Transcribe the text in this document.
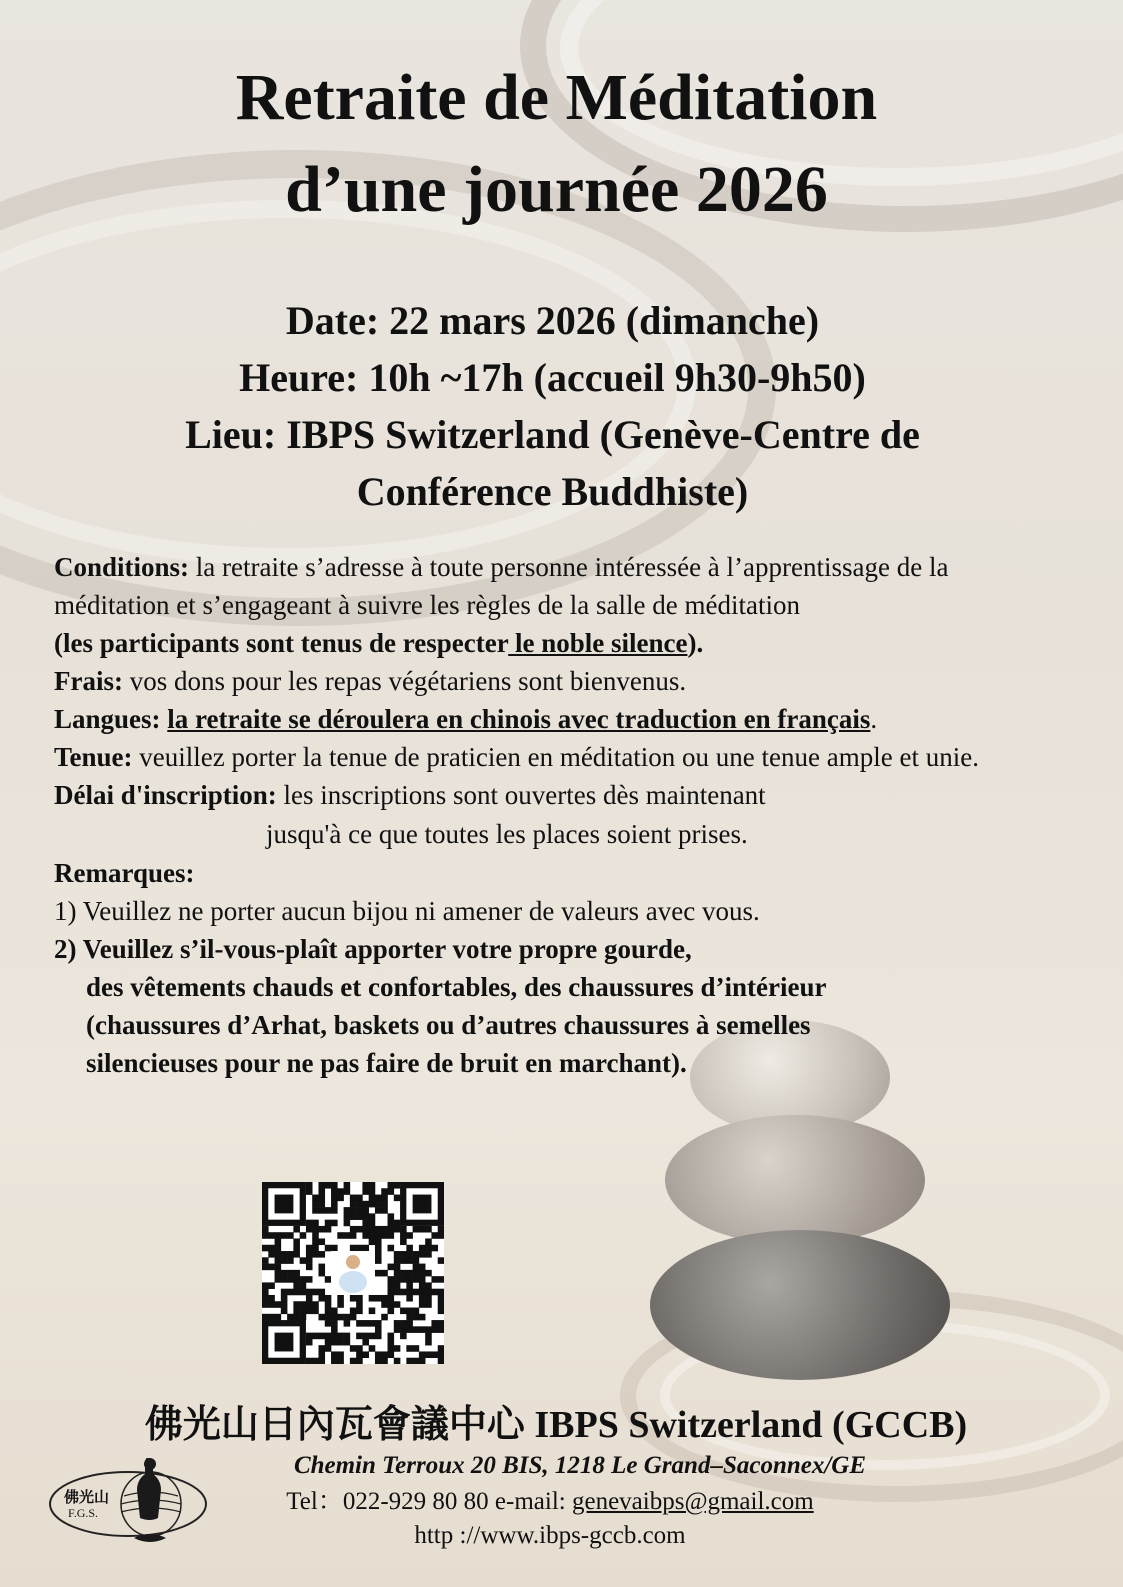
Retraite de Méditation
d’une journée 2026
Date: 22 mars 2026 (dimanche)
Heure: 10h ~17h (accueil 9h30-9h50)
Lieu: IBPS Switzerland (Genève-Centre de
Conférence Buddhiste)

Conditions: la retraite s’adresse à toute personne intéressée à l’apprentissage de la méditation et s’engageant à suivre les règles de la salle de méditation

(les participants sont tenus de respecter le noble silence).

Frais: vos dons pour les repas végétariens sont bienvenus.

Langues: la retraite se déroulera en chinois avec traduction en français.

Tenue: veuillez porter la tenue de praticien en méditation ou une tenue ample et unie.

Délai d'inscription: les inscriptions sont ouvertes dès maintenant

jusqu'à ce que toutes les places soient prises.

Remarques:

1) Veuillez ne porter aucun bijou ni amener de valeurs avec vous.

2) Veuillez s’il-vous-plaît apporter votre propre gourde,

des vêtements chauds et confortables, des chaussures d’intérieur

(chaussures d’Arhat, baskets ou d’autres chaussures à semelles

silencieuses pour ne pas faire de bruit en marchant).

佛光山
F.G.S.
佛光山日內瓦會議中心 IBPS Switzerland (GCCB)
Chemin Terroux 20 BIS, 1218 Le Grand–Saconnex/GE
Tel：022-929 80 80 e-mail: genevaibps@gmail.com
http ://www.ibps-gccb.com
